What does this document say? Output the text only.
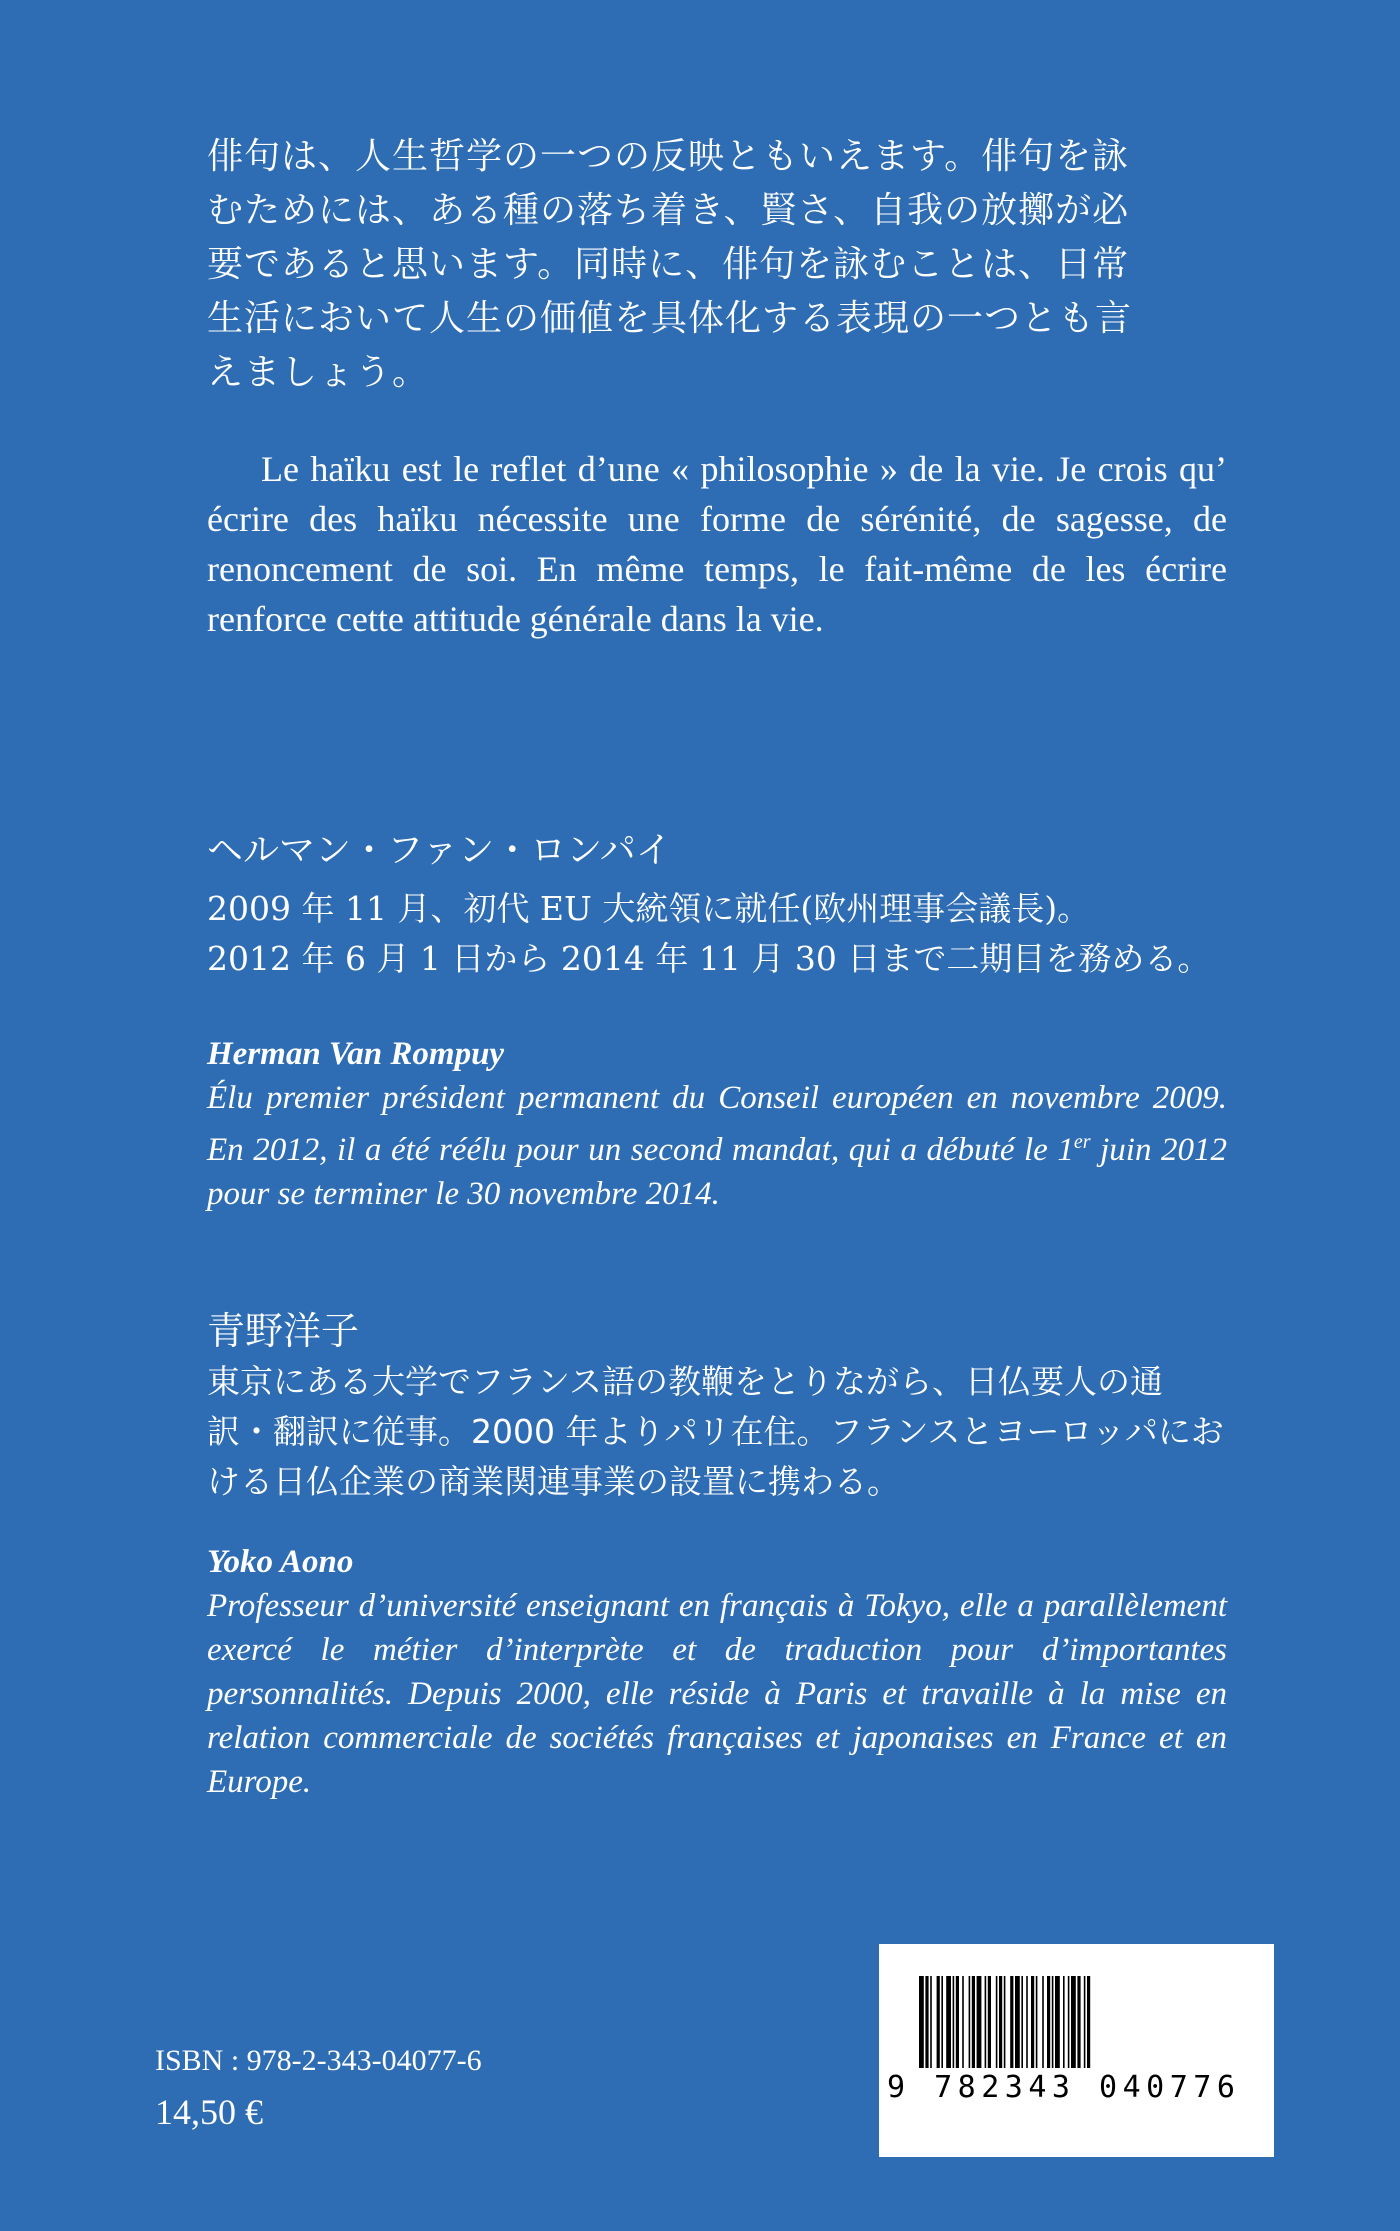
俳句は、人生哲学の一つの反映ともいえます。俳句を詠

むためには、ある種の落ち着き、賢さ、自我の放擲が必

要であると思います。同時に、俳句を詠むことは、日常

生活において人生の価値を具体化する表現の一つとも言

えましょう。

Le haïku est le reflet d’une « philosophie » de la vie. Je crois qu’ écrire des haïku nécessite une forme de sérénité, de sagesse, de renoncement de soi. En même temps, le fait-même de les écrire renforce cette attitude générale dans la vie.

ヘルマン・ファン・ロンパイ

2009 年 11 月、初代 EU 大統領に就任(欧州理事会議長)。

2012 年 6 月 1 日から 2014 年 11 月 30 日まで二期目を務める。

Herman Van Rompuy

Élu premier président permanent du Conseil européen en novembre 2009. En 2012, il a été réélu pour un second mandat, qui a débuté le 1er juin 2012 pour se terminer le 30 novembre 2014.

青野洋子

東京にある大学でフランス語の教鞭をとりながら、日仏要人の通訳・翻訳に従事。2000 年よりパリ在住。フランスとヨーロッパにおける日仏企業の商業関連事業の設置に携わる。

Yoko Aono

Professeur d’université enseignant en français à Tokyo, elle a parallèlement exercé le métier d’interprète et de traduction pour d’importantes personnalités. Depuis 2000, elle réside à Paris et travaille à la mise en relation commerciale de sociétés françaises et japonaises en France et en Europe.

ISBN : 978-2-343-04077-6
14,50 €
9 782343 040776
